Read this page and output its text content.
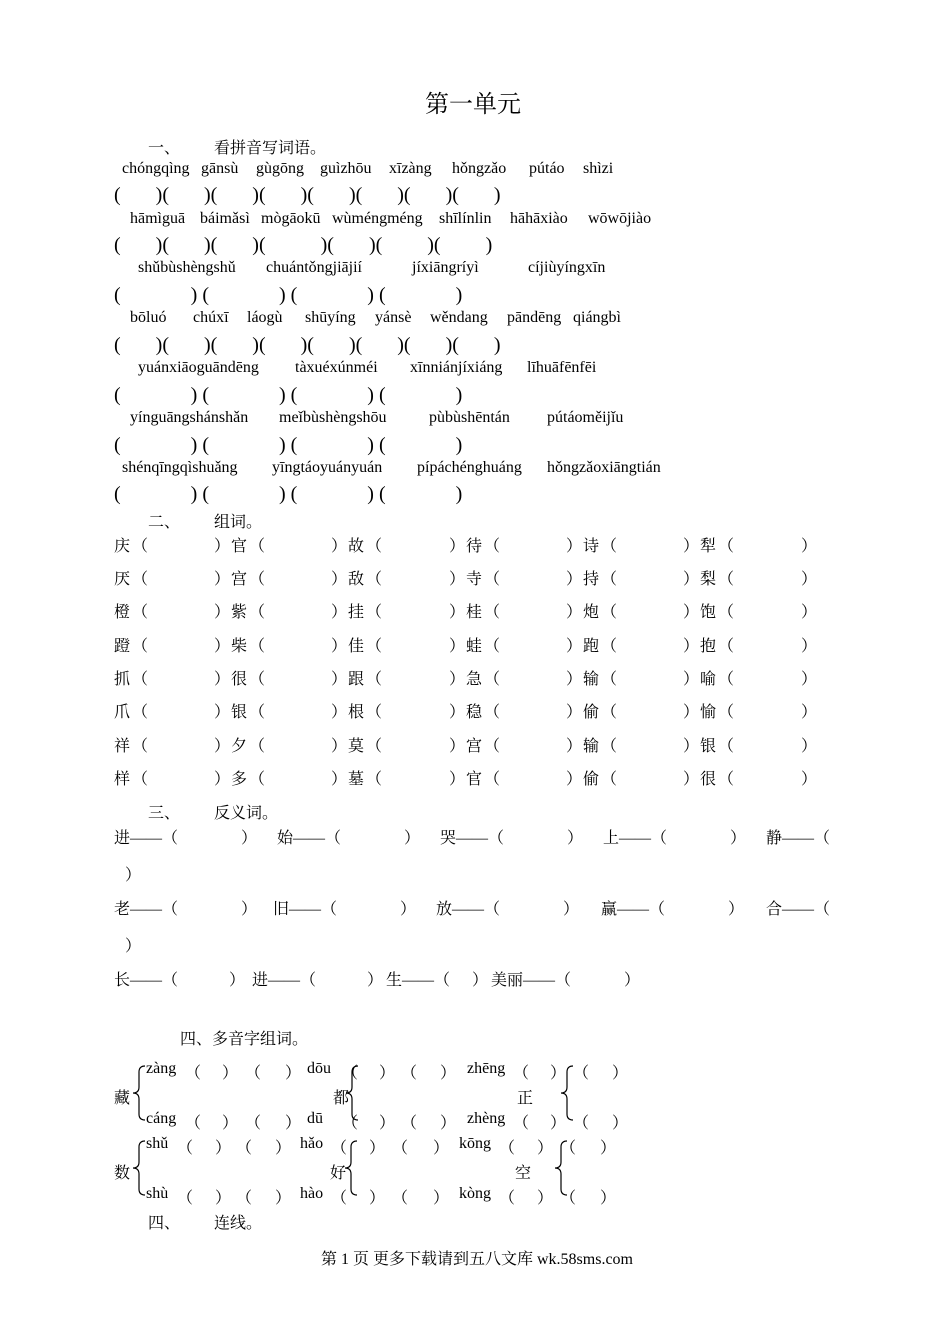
第一单元
一、 看拼音写词语。
chóngqìng gānsù gùgōng guìzhōu xīzàng hǒngzǎo pútáo shìzi
(       )(       )(       )(       )(       )(       )(       )(       )
hāmìguā báimǎsì mògāokū wùméngméng shīlínlin hāhāxiào wōwōjiào
(       )(       )(       )(           )(       )(         )(         )
shǔbùshèngshǔ chuántǒngjiājií	jíxiāngríyì	cíjiùyíngxīn
(              ) (              ) (              ) (              )
bōluó chúxī láogù shūyíng yánsè wěndang pāndēng qiángbì
(       )(       )(       )(       )(       )(       )(       )(       )
yuánxiāoguāndēng tàxuéxúnméi xīnniánjíxiáng līhuāfēnfēi
(              ) (              ) (              ) (              )
yínguāngshánshǎn meǐbùshèngshōu	pùbùshēntán pútáoměijǐu
(              ) (              ) (              ) (              )
shénqīngqìshuǎng yīngtáoyuányuán pípáchénghuáng hǒngzǎoxiāngtián
(              ) (              ) (              ) (              )
二、 组词。
庆 （	） 官 （	） 故 （	） 待 （	） 诗 （	） 犁 （	）
厌 （	） 宫 （	） 敌 （	） 寺 （	） 持 （	） 梨 （	）
橙 （	） 紫 （	） 挂 （	） 桂 （	） 炮 （	） 饱 （	）
蹬 （	） 柴 （	） 佳 （	） 蛙 （	） 跑 （	） 抱 （	）
抓 （	） 很 （	） 跟 （	） 急 （	） 输 （	） 喻 （	）
爪 （	） 银 （	） 根 （	） 稳 （	） 偷 （	） 愉 （	）
祥 （	） 夕 （	） 莫 （	） 宫 （	） 输 （	） 银 （	）
样 （	） 多 （	） 墓 （	） 官 （	） 偷 （	） 很 （	）
三、 反义词。
进——（	） 始——（	） 哭——（	） 上——（	） 静——（
）
老——（	） 旧——（	） 放——（	） 赢——（	） 合——（
）
长——（	） 进——（	） 生——（ ） 美丽——（	）
四、多音字组词。
藏
zàng
cáng
（ ） （ ）
（ ） （ ）
都
dōu
dū
（ ） （ ）
（ ） （ ）
正
zhēng
zhèng
（ ） （ ）
（ ） （ ）
数
shǔ
shù
（ ） （ ）
（ ） （ ）
好
hǎo
hào
（ ） （ ）
（ ） （ ）
空
kōng
kòng
（ ） （ ）
（ ） （ ）
四、 连线。
第 1 页 更多下载请到五八文库 wk.58sms.com
